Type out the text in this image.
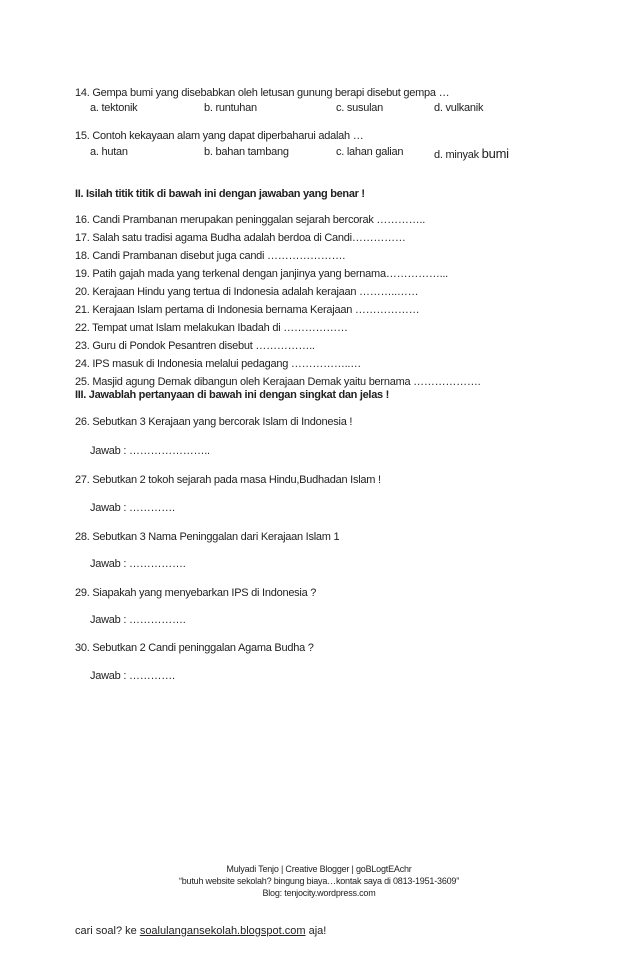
14. Gempa bumi yang disebabkan oleh letusan gunung berapi disebut gempa …
a. tektonik	b. runtuhan	c. susulan	d. vulkanik
15. Contoh kekayaan alam yang dapat diperbaharui adalah …
a. hutan	b. bahan tambang	c. lahan galian	d. minyak bumi
II. Isilah titik titik di bawah ini dengan jawaban yang benar !
16. Candi Prambanan merupakan peninggalan sejarah bercorak …………..
17. Salah satu tradisi agama Budha adalah berdoa di Candi……………
18. Candi Prambanan disebut juga candi ………………….
19. Patih gajah mada yang terkenal dengan janjinya yang bernama……………...
20. Kerajaan Hindu yang tertua di Indonesia adalah kerajaan ………..……
21. Kerajaan Islam pertama di Indonesia bernama Kerajaan ………………
22. Tempat umat Islam melakukan Ibadah di ………………
23. Guru di Pondok Pesantren disebut ……………..
24. IPS masuk di Indonesia melalui pedagang ……………..…
25. Masjid agung Demak dibangun oleh Kerajaan Demak yaitu bernama ……………….
III. Jawablah pertanyaan di bawah ini dengan singkat dan jelas !
26. Sebutkan 3 Kerajaan yang bercorak Islam di Indonesia !
Jawab : …………………..
27. Sebutkan 2 tokoh sejarah pada masa Hindu,Budhadan Islam !
Jawab : ………….
28. Sebutkan 3 Nama Peninggalan dari Kerajaan Islam 1
Jawab : …………….
29. Siapakah yang menyebarkan IPS di Indonesia ?
Jawab : …………….
30. Sebutkan 2 Candi peninggalan Agama Budha ?
Jawab : ………….
Mulyadi Tenjo | Creative Blogger | goBLogtEAchr
“butuh website sekolah? bingung biaya…kontak saya di 0813-1951-3609”
Blog: tenjocity.wordpress.com
cari soal? ke soalulangansekolah.blogspot.com aja!
